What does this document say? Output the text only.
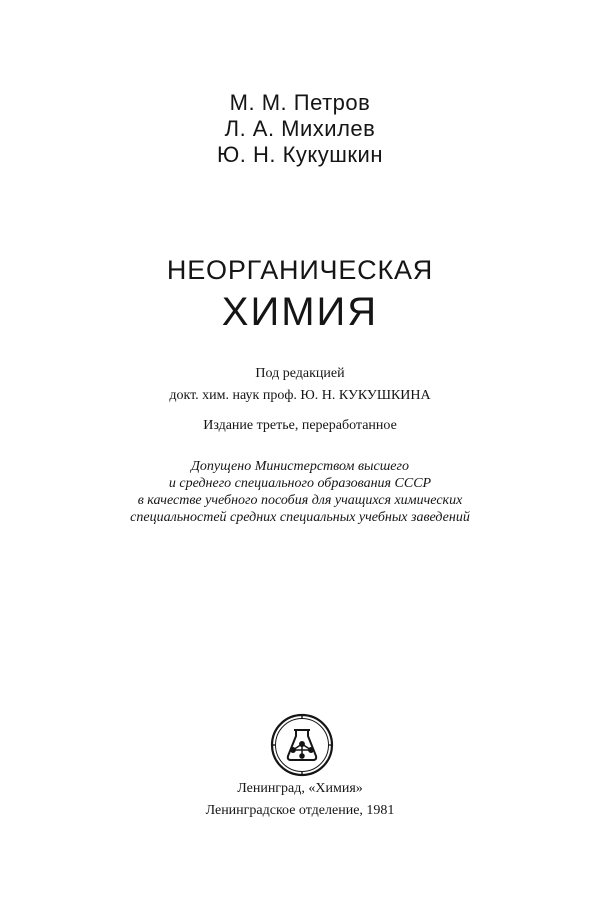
М. М. Петров
Л. А. Михилев
Ю. Н. Кукушкин
НЕОРГАНИЧЕСКАЯ
ХИМИЯ
Под редакцией
докт. хим. наук проф. Ю. Н. КУКУШКИНА
Издание третье, переработанное
Допущено Министерством высшего
и среднего специального образования СССР
в качестве учебного пособия для учащихся химических
специальностей средних специальных учебных заведений
Ленинград, «Химия»
Ленинградское отделение, 1981
